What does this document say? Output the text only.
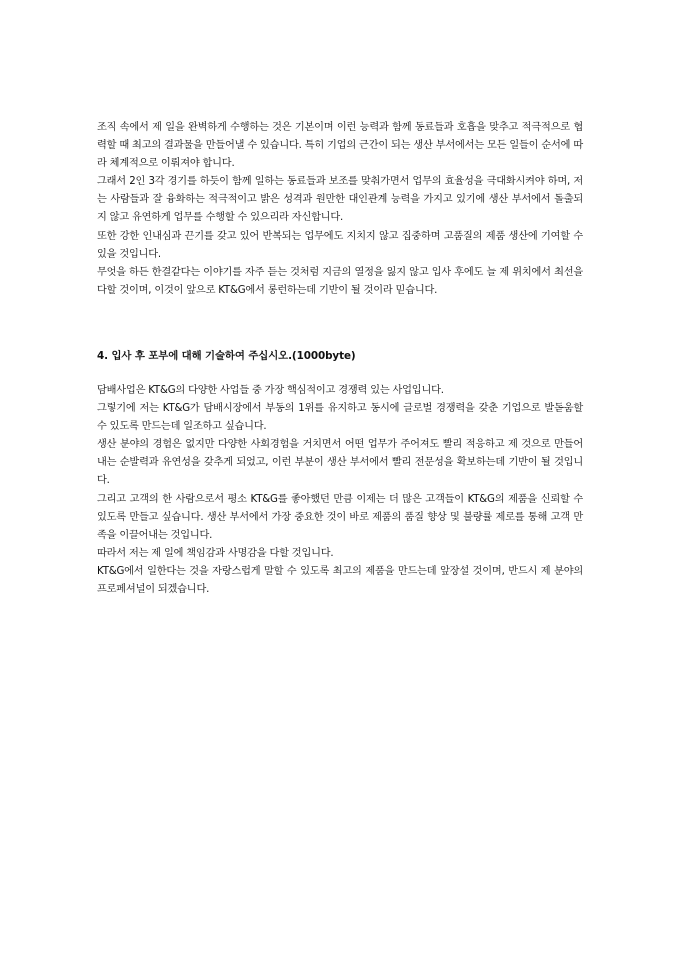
조직 속에서 제 일을 완벽하게 수행하는 것은 기본이며 이런 능력과 함께 동료들과 호흡을 맞추고 적극적으로 협력할 때 최고의 결과물을 만들어낼 수 있습니다. 특히 기업의 근간이 되는 생산 부서에서는 모든 일들이 순서에 따라 체계적으로 이뤄져야 합니다.

그래서 2인 3각 경기를 하듯이 함께 일하는 동료들과 보조를 맞춰가면서 업무의 효율성을 극대화시켜야 하며, 저는 사람들과 잘 융화하는 적극적이고 밝은 성격과 원만한 대인관계 능력을 가지고 있기에 생산 부서에서 돌출되지 않고 유연하게 업무를 수행할 수 있으리라 자신합니다.

또한 강한 인내심과 끈기를 갖고 있어 반복되는 업무에도 지치지 않고 집중하며 고품질의 제품 생산에 기여할 수 있을 것입니다.

무엇을 하든 한결같다는 이야기를 자주 듣는 것처럼 지금의 열정을 잃지 않고 입사 후에도 늘 제 위치에서 최선을 다할 것이며, 이것이 앞으로 KT&G에서 롱런하는데 기반이 될 것이라 믿습니다.

4. 입사 후 포부에 대해 기술하여 주십시오.(1000byte)

담배사업은 KT&G의 다양한 사업들 중 가장 핵심적이고 경쟁력 있는 사업입니다.

그렇기에 저는 KT&G가 담배시장에서 부동의 1위를 유지하고 동시에 글로벌 경쟁력을 갖춘 기업으로 발돋움할 수 있도록 만드는데 일조하고 싶습니다.

생산 분야의 경험은 없지만 다양한 사회경험을 거치면서 어떤 업무가 주어져도 빨리 적응하고 제 것으로 만들어내는 순발력과 유연성을 갖추게 되었고, 이런 부분이 생산 부서에서 빨리 전문성을 확보하는데 기반이 될 것입니다.

그리고 고객의 한 사람으로서 평소 KT&G를 좋아했던 만큼 이제는 더 많은 고객들이 KT&G의 제품을 신뢰할 수 있도록 만들고 싶습니다. 생산 부서에서 가장 중요한 것이 바로 제품의 품질 향상 및 불량률 제로를 통해 고객 만족을 이끌어내는 것입니다.

따라서 저는 제 일에 책임감과 사명감을 다할 것입니다.

KT&G에서 일한다는 것을 자랑스럽게 말할 수 있도록 최고의 제품을 만드는데 앞장설 것이며, 반드시 제 분야의 프로페셔널이 되겠습니다.
